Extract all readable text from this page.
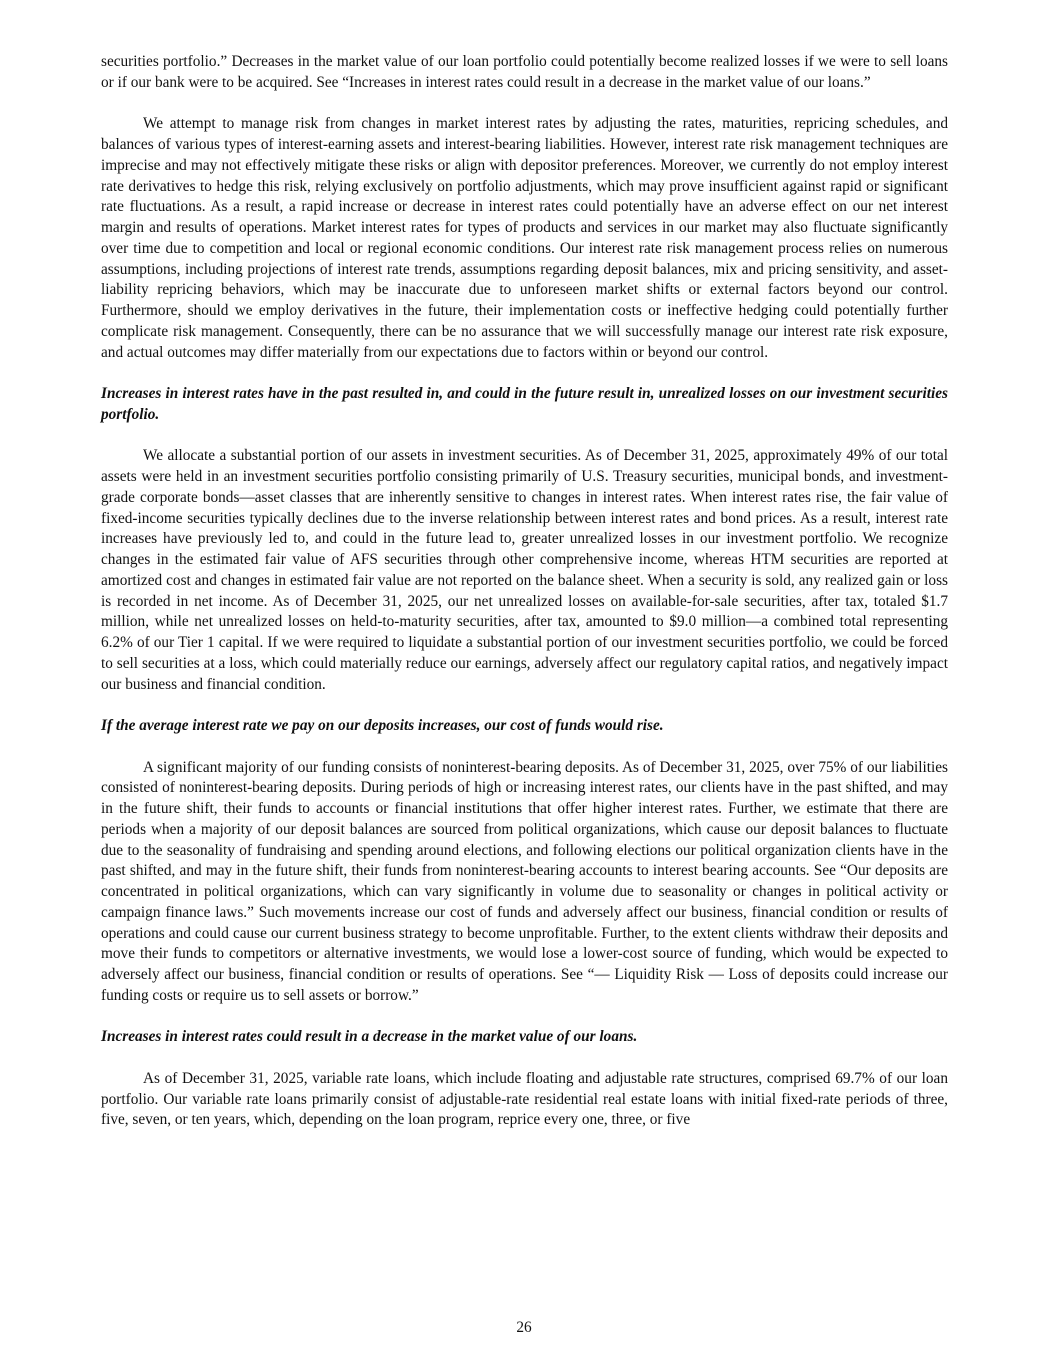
securities portfolio.” Decreases in the market value of our loan portfolio could potentially become realized losses if we were to sell loans or if our bank were to be acquired. See “Increases in interest rates could result in a decrease in the market value of our loans.”

We attempt to manage risk from changes in market interest rates by adjusting the rates, maturities, repricing schedules, and balances of various types of interest-earning assets and interest-bearing liabilities. However, interest rate risk management techniques are imprecise and may not effectively mitigate these risks or align with depositor preferences. Moreover, we currently do not employ interest rate derivatives to hedge this risk, relying exclusively on portfolio adjustments, which may prove insufficient against rapid or significant rate fluctuations. As a result, a rapid increase or decrease in interest rates could potentially have an adverse effect on our net interest margin and results of operations. Market interest rates for types of products and services in our market may also fluctuate significantly over time due to competition and local or regional economic conditions. Our interest rate risk management process relies on numerous assumptions, including projections of interest rate trends, assumptions regarding deposit balances, mix and pricing sensitivity, and asset-liability repricing behaviors, which may be inaccurate due to unforeseen market shifts or external factors beyond our control. Furthermore, should we employ derivatives in the future, their implementation costs or ineffective hedging could potentially further complicate risk management. Consequently, there can be no assurance that we will successfully manage our interest rate risk exposure, and actual outcomes may differ materially from our expectations due to factors within or beyond our control.

Increases in interest rates have in the past resulted in, and could in the future result in, unrealized losses on our investment securities portfolio.

We allocate a substantial portion of our assets in investment securities. As of December 31, 2025, approximately 49% of our total assets were held in an investment securities portfolio consisting primarily of U.S. Treasury securities, municipal bonds, and investment-grade corporate bonds—asset classes that are inherently sensitive to changes in interest rates. When interest rates rise, the fair value of fixed-income securities typically declines due to the inverse relationship between interest rates and bond prices. As a result, interest rate increases have previously led to, and could in the future lead to, greater unrealized losses in our investment portfolio. We recognize changes in the estimated fair value of AFS securities through other comprehensive income, whereas HTM securities are reported at amortized cost and changes in estimated fair value are not reported on the balance sheet. When a security is sold, any realized gain or loss is recorded in net income. As of December 31, 2025, our net unrealized losses on available-for-sale securities, after tax, totaled $1.7 million, while net unrealized losses on held-to-maturity securities, after tax, amounted to $9.0 million—a combined total representing 6.2% of our Tier 1 capital. If we were required to liquidate a substantial portion of our investment securities portfolio, we could be forced to sell securities at a loss, which could materially reduce our earnings, adversely affect our regulatory capital ratios, and negatively impact our business and financial condition.

If the average interest rate we pay on our deposits increases, our cost of funds would rise.

A significant majority of our funding consists of noninterest-bearing deposits. As of December 31, 2025, over 75% of our liabilities consisted of noninterest-bearing deposits. During periods of high or increasing interest rates, our clients have in the past shifted, and may in the future shift, their funds to accounts or financial institutions that offer higher interest rates. Further, we estimate that there are periods when a majority of our deposit balances are sourced from political organizations, which cause our deposit balances to fluctuate due to the seasonality of fundraising and spending around elections, and following elections our political organization clients have in the past shifted, and may in the future shift, their funds from noninterest-bearing accounts to interest bearing accounts. See “Our deposits are concentrated in political organizations, which can vary significantly in volume due to seasonality or changes in political activity or campaign finance laws.” Such movements increase our cost of funds and adversely affect our business, financial condition or results of operations and could cause our current business strategy to become unprofitable. Further, to the extent clients withdraw their deposits and move their funds to competitors or alternative investments, we would lose a lower-cost source of funding, which would be expected to adversely affect our business, financial condition or results of operations. See “— Liquidity Risk — Loss of deposits could increase our funding costs or require us to sell assets or borrow.”

Increases in interest rates could result in a decrease in the market value of our loans.

As of December 31, 2025, variable rate loans, which include floating and adjustable rate structures, comprised 69.7% of our loan portfolio. Our variable rate loans primarily consist of adjustable-rate residential real estate loans with initial fixed-rate periods of three, five, seven, or ten years, which, depending on the loan program, reprice every one, three, or five

26
